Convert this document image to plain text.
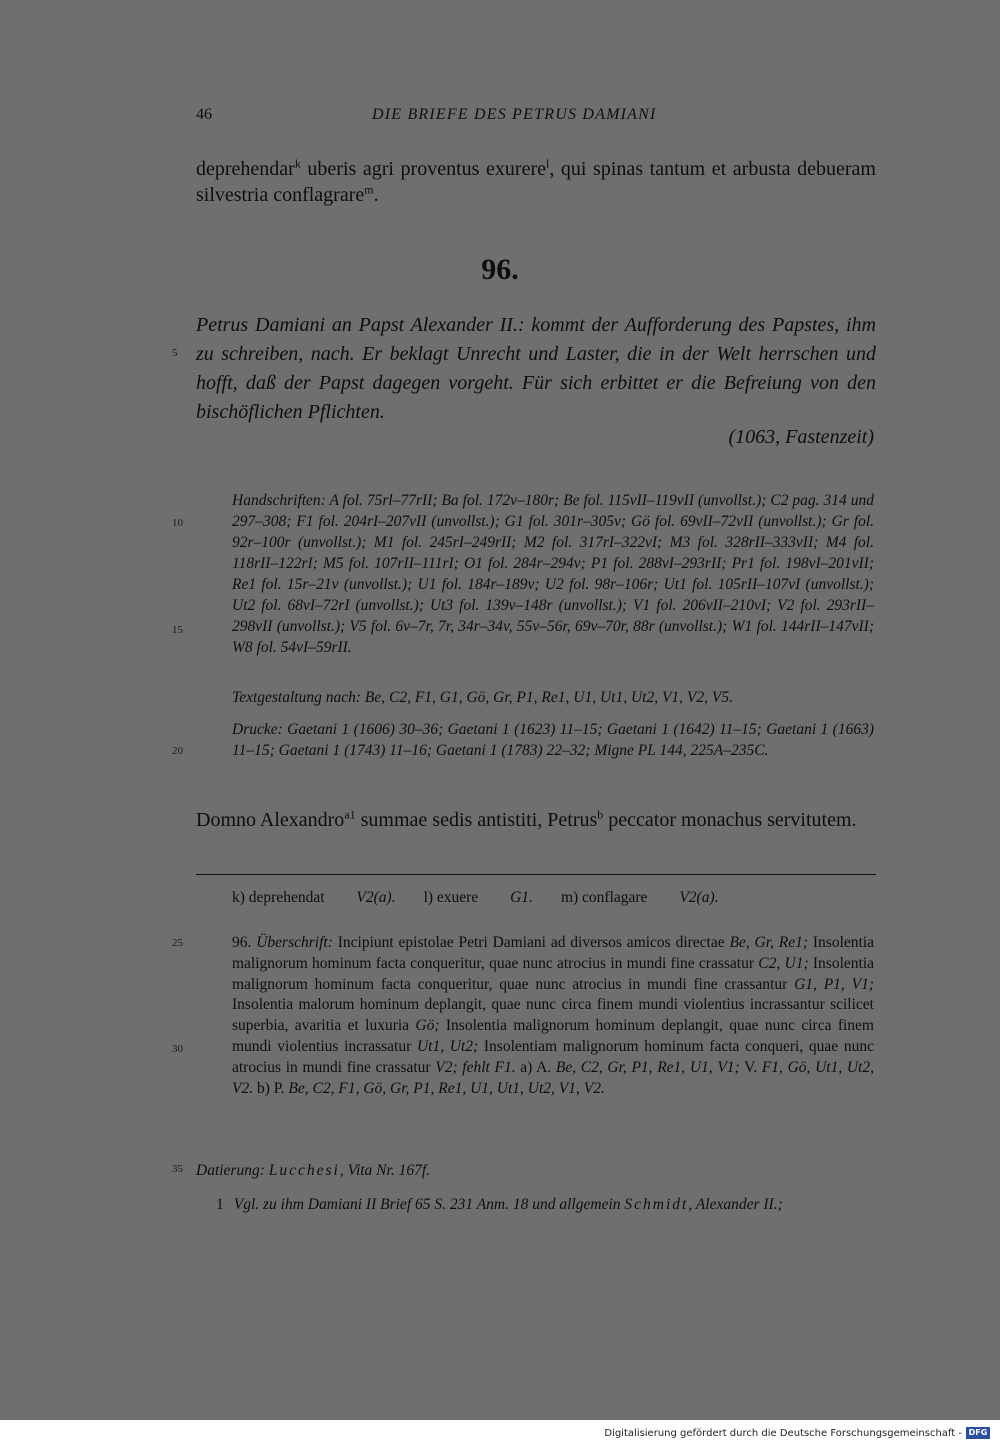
46	DIE BRIEFE DES PETRUS DAMIANI
deprehendar$^k$ uberis agri proventus exurere$^l$, qui spinas tantum et arbusta debueram silvestria conflagrare$^m$.
96.
Petrus Damiani an Papst Alexander II.: kommt der Aufforderung des Papstes, ihm zu schreiben, nach. Er beklagt Unrecht und Laster, die in der Welt herrschen und hofft, daß der Papst dagegen vorgeht. Für sich erbittet er die Befreiung von den bischöflichen Pflichten.
(1063, Fastenzeit)
5
10
15
20
25
30
35
Handschriften: A fol. 75rl–77rII; Ba fol. 172v–180r; Be fol. 115vII–119vII (unvollst.); C2 pag. 314 und 297–308; F1 fol. 204rI–207vII (unvollst.); G1 fol. 301r–305v; Gö fol. 69vII–72vII (unvollst.); Gr fol. 92r–100r (unvollst.); M1 fol. 245rI–249rII; M2 fol. 317rI–322vI; M3 fol. 328rII–333vII; M4 fol. 118rII–122rI; M5 fol. 107rII–111rI; O1 fol. 284r–294v; P1 fol. 288vI–293rII; Pr1 fol. 198vI–201vII; Re1 fol. 15r–21v (unvollst.); U1 fol. 184r–189v; U2 fol. 98r–106r; Ut1 fol. 105rII–107vI (unvollst.); Ut2 fol. 68vI–72rI (unvollst.); Ut3 fol. 139v–148r (unvollst.); V1 fol. 206vII–210vI; V2 fol. 293rII–298vII (unvollst.); V5 fol. 6v–7r, 7r, 34r–34v, 55v–56r, 69v–70r, 88r (unvollst.); W1 fol. 144rII–147vII; W8 fol. 54vI–59rII.
Textgestaltung nach: Be, C2, F1, G1, Gö, Gr, P1, Re1, U1, Ut1, Ut2, V1, V2, V5.
Drucke: Gaetani 1 (1606) 30–36; Gaetani 1 (1623) 11–15; Gaetani 1 (1642) 11–15; Gaetani 1 (1663) 11–15; Gaetani 1 (1743) 11–16; Gaetani 1 (1783) 22–32; Migne PL 144, 225A–235C.
Domno Alexandro$^{a1}$ summae sedis antistiti, Petrus$^b$ peccator monachus servitutem.
k) deprehendat V2(a). l) exuere G1. m) conflagare V2(a).
96. Überschrift: Incipiunt epistolae Petri Damiani ad diversos amicos directae Be, Gr, Re1; Insolentia malignorum hominum facta conqueritur, quae nunc atrocius in mundi fine crassatur C2, U1; Insolentia malignorum hominum facta conqueritur, quae nunc atrocius in mundi fine crassantur G1, P1, V1; Insolentia malorum hominum deplangit, quae nunc circa finem mundi violentius incrassantur scilicet superbia, avaritia et luxuria Gö; Insolentia malignorum hominum deplangit, quae nunc circa finem mundi violentius incrassatur Ut1, Ut2; Insolentiam malignorum hominum facta conqueri, quae nunc atrocius in mundi fine crassatur V2; fehlt F1. a) A. Be, C2, Gr, P1, Re1, U1, V1; V. F1, Gö, Ut1, Ut2, V2. b) P. Be, C2, F1, Gö, Gr, P1, Re1, U1, Ut1, Ut2, V1, V2.
Datierung: Lucchesi, Vita Nr. 167f.
1 Vgl. zu ihm Damiani II Brief 65 S. 231 Anm. 18 und allgemein Schmidt, Alexander II.;
Digitalisierung gefördert durch die Deutsche Forschungsgemeinschaft - DFG
